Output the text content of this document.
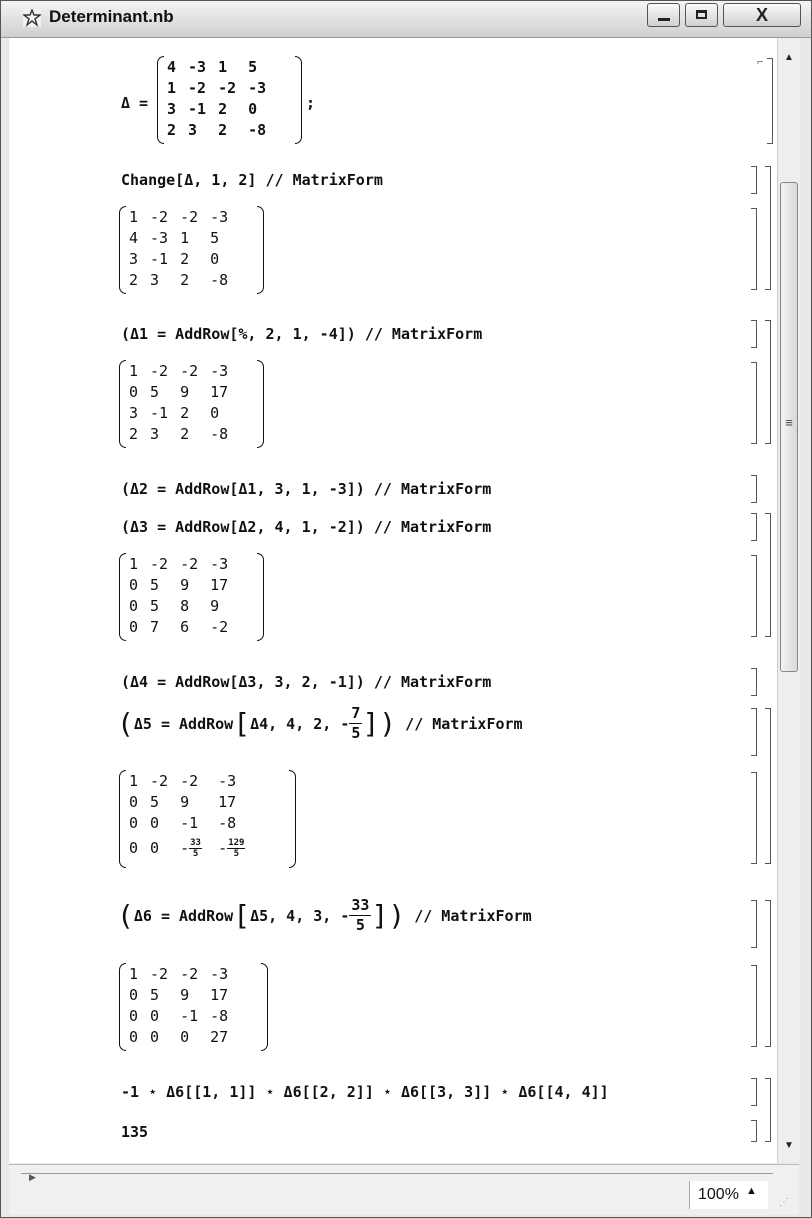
Determinant.nb	X
Δ =
4	-3	1	5
1	-2	-2	-3
3	-1	2	0
2	3	2	-8
;
⌐
Change[Δ, 1, 2] // MatrixForm
1	-2	-2	-3
4	-3	1	5
3	-1	2	0
2	3	2	-8
(Δ1 = AddRow[%, 2, 1, -4]) // MatrixForm
1	-2	-2	-3
0	5	9	17
3	-1	2	0
2	3	2	-8
(Δ2 = AddRow[Δ1, 3, 1, -3]) // MatrixForm
(Δ3 = AddRow[Δ2, 4, 1, -2]) // MatrixForm
1	-2	-2	-3
0	5	9	17
0	5	8	9
0	7	6	-2
(Δ4 = AddRow[Δ3, 3, 2, -1]) // MatrixForm
( Δ5 = AddRow [ Δ4, 4, 2, - $\frac{7}{5}$ ] ) // MatrixForm
1	-2	-2	-3
0	5	9	17
0	0	-1	-8
0	0	- $\frac{33}{5}$	- $\frac{129}{5}$
( Δ6 = AddRow [ Δ5, 4, 3, - $\frac{33}{5}$ ] ) // MatrixForm
1	-2	-2	-3
0	5	9	17
0	0	-1	-8
0	0	0	27
-1 ⋆ Δ6[[1, 1]] ⋆ Δ6[[2, 2]] ⋆ Δ6[[3, 3]] ⋆ Δ6[[4, 4]]
135
▲
≡
▼
▶
100% ▲
⋰
